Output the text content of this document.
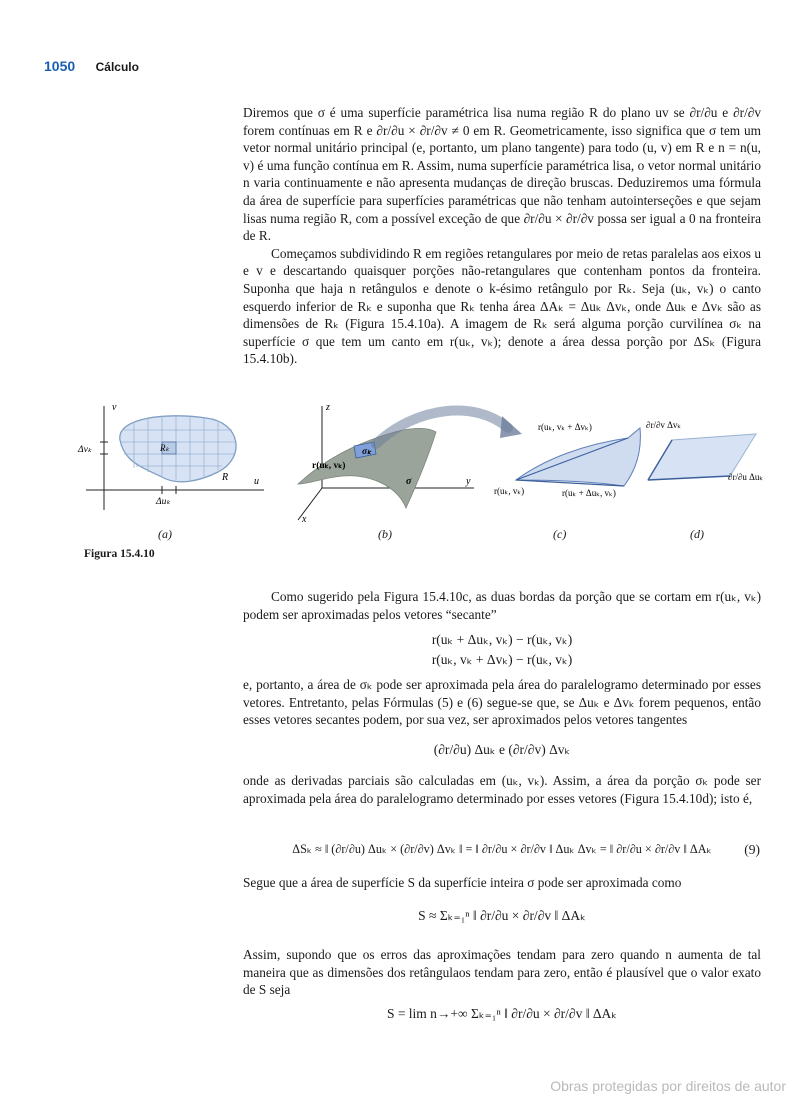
1050 Cálculo

Diremos que σ é uma superfície paramétrica lisa numa região R do plano uv se ∂r/∂u e ∂r/∂v forem contínuas em R e ∂r/∂u × ∂r/∂v ≠ 0 em R. Geometricamente, isso significa que σ tem um vetor normal unitário principal (e, portanto, um plano tangente) para todo (u, v) em R e n = n(u, v) é uma função contínua em R. Assim, numa superfície paramétrica lisa, o vetor normal unitário n varia continuamente e não apresenta mudanças de direção bruscas. Deduziremos uma fórmula da área de superfície para superfícies paramétricas que não tenham autointerseções e que sejam lisas numa região R, com a possível exceção de que ∂r/∂u × ∂r/∂v possa ser igual a 0 na fronteira de R.

Começamos subdividindo R em regiões retangulares por meio de retas paralelas aos eixos u e v e descartando quaisquer porções não-retangulares que contenham pontos da fronteira. Suponha que haja n retângulos e denote o k-ésimo retângulo por Rₖ. Seja (uₖ, vₖ) o canto esquerdo inferior de Rₖ e suponha que Rₖ tenha área ΔAₖ = Δuₖ Δvₖ, onde Δuₖ e Δvₖ são as dimensões de Rₖ (Figura 15.4.10a). A imagem de Rₖ será alguma porção curvilínea σₖ na superfície σ que tem um canto em r(uₖ, vₖ); denote a área dessa porção por ΔSₖ (Figura 15.4.10b).

v
u
Δvₖ
Δuₖ
Rₖ
R
z
y
x
σₖ
r(uₖ, vₖ)
σ
r(uₖ, vₖ + Δvₖ)
r(uₖ, vₖ)	r(uₖ + Δuₖ, vₖ)
∂r/∂v Δvₖ
∂r/∂u Δuₖ
(a)	(b)	(c)	(d)
Figura 15.4.10

Como sugerido pela Figura 15.4.10c, as duas bordas da porção que se cortam em r(uₖ, vₖ) podem ser aproximadas pelos vetores “secante”

r(uₖ + Δuₖ, vₖ) − r(uₖ, vₖ)
r(uₖ, vₖ + Δvₖ) − r(uₖ, vₖ)

e, portanto, a área de σₖ pode ser aproximada pela área do paralelogramo determinado por esses vetores. Entretanto, pelas Fórmulas (5) e (6) segue-se que, se Δuₖ e Δvₖ forem pequenos, então esses vetores secantes podem, por sua vez, ser aproximados pelos vetores tangentes

(∂r/∂u) Δuₖ e (∂r/∂v) Δvₖ

onde as derivadas parciais são calculadas em (uₖ, vₖ). Assim, a área da porção σₖ pode ser aproximada pela área do paralelogramo determinado por esses vetores (Figura 15.4.10d); isto é,

ΔSₖ ≈ ‖ (∂r/∂u) Δuₖ × (∂r/∂v) Δvₖ ‖ = ‖ ∂r/∂u × ∂r/∂v ‖ Δuₖ Δvₖ = ‖ ∂r/∂u × ∂r/∂v ‖ ΔAₖ	(9)

Segue que a área de superfície S da superfície inteira σ pode ser aproximada como

S ≈ Σₖ₌₁ⁿ ‖ ∂r/∂u × ∂r/∂v ‖ ΔAₖ

Assim, supondo que os erros das aproximações tendam para zero quando n aumenta de tal maneira que as dimensões dos retângulaos tendam para zero, então é plausível que o valor exato de S seja

S = lim n→+∞ Σₖ₌₁ⁿ ‖ ∂r/∂u × ∂r/∂v ‖ ΔAₖ
Obras protegidas por direitos de autor
